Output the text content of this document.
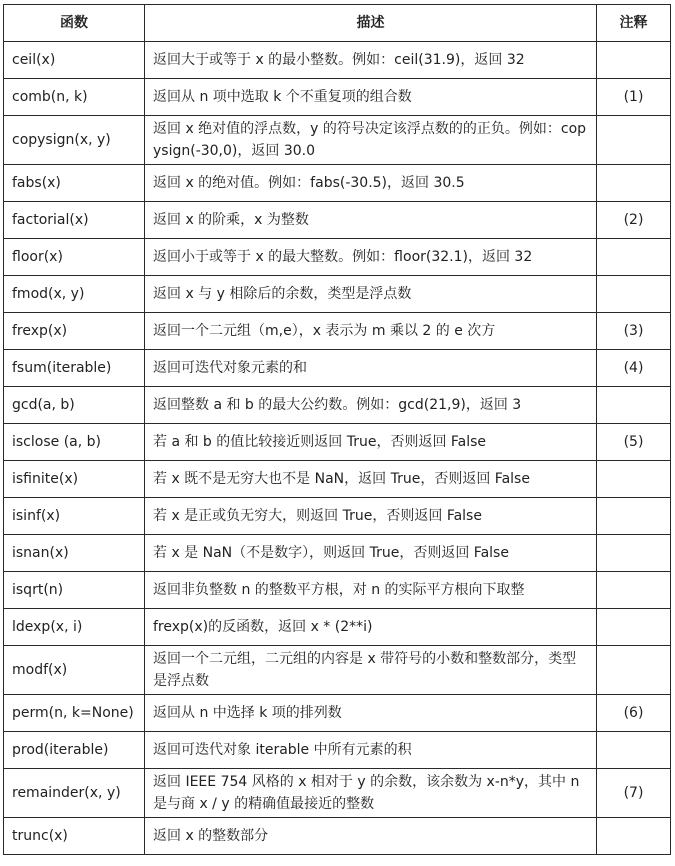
函数	描述	注释
ceil(x)	返回大于或等于 x 的最小整数。例如：ceil(31.9)，返回 32	
comb(n, k)	返回从 n 项中选取 k 个不重复项的组合数	(1)
copysign(x, y)	返回 x 绝对值的浮点数，y 的符号决定该浮点数的的正负。例如：copysign(-30,0)，返回 30.0	
fabs(x)	返回 x 的绝对值。例如：fabs(-30.5)，返回 30.5	
factorial(x)	返回 x 的阶乘，x 为整数	(2)
floor(x)	返回小于或等于 x 的最大整数。例如：floor(32.1)，返回 32	
fmod(x, y)	返回 x 与 y 相除后的余数，类型是浮点数	
frexp(x)	返回一个二元组（m,e），x 表示为 m 乘以 2 的 e 次方	(3)
fsum(iterable)	返回可迭代对象元素的和	(4)
gcd(a, b)	返回整数 a 和 b 的最大公约数。例如：gcd(21,9)，返回 3	
isclose (a, b)	若 a 和 b 的值比较接近则返回 True，否则返回 False	(5)
isfinite(x)	若 x 既不是无穷大也不是 NaN，返回 True，否则返回 False	
isinf(x)	若 x 是正或负无穷大，则返回 True，否则返回 False	
isnan(x)	若 x 是 NaN（不是数字），则返回 True，否则返回 False	
isqrt(n)	返回非负整数 n 的整数平方根，对 n 的实际平方根向下取整	
ldexp(x, i)	frexp(x)的反函数，返回 x * (2**i)	
modf(x)	返回一个二元组，二元组的内容是 x 带符号的小数和整数部分，类型是浮点数	
perm(n, k=None)	返回从 n 中选择 k 项的排列数	(6)
prod(iterable)	返回可迭代对象 iterable 中所有元素的积	
remainder(x, y)	返回 IEEE 754 风格的 x 相对于 y 的余数，该余数为 x-n*y，其中 n 是与商 x / y 的精确值最接近的整数	(7)
trunc(x)	返回 x 的整数部分	
